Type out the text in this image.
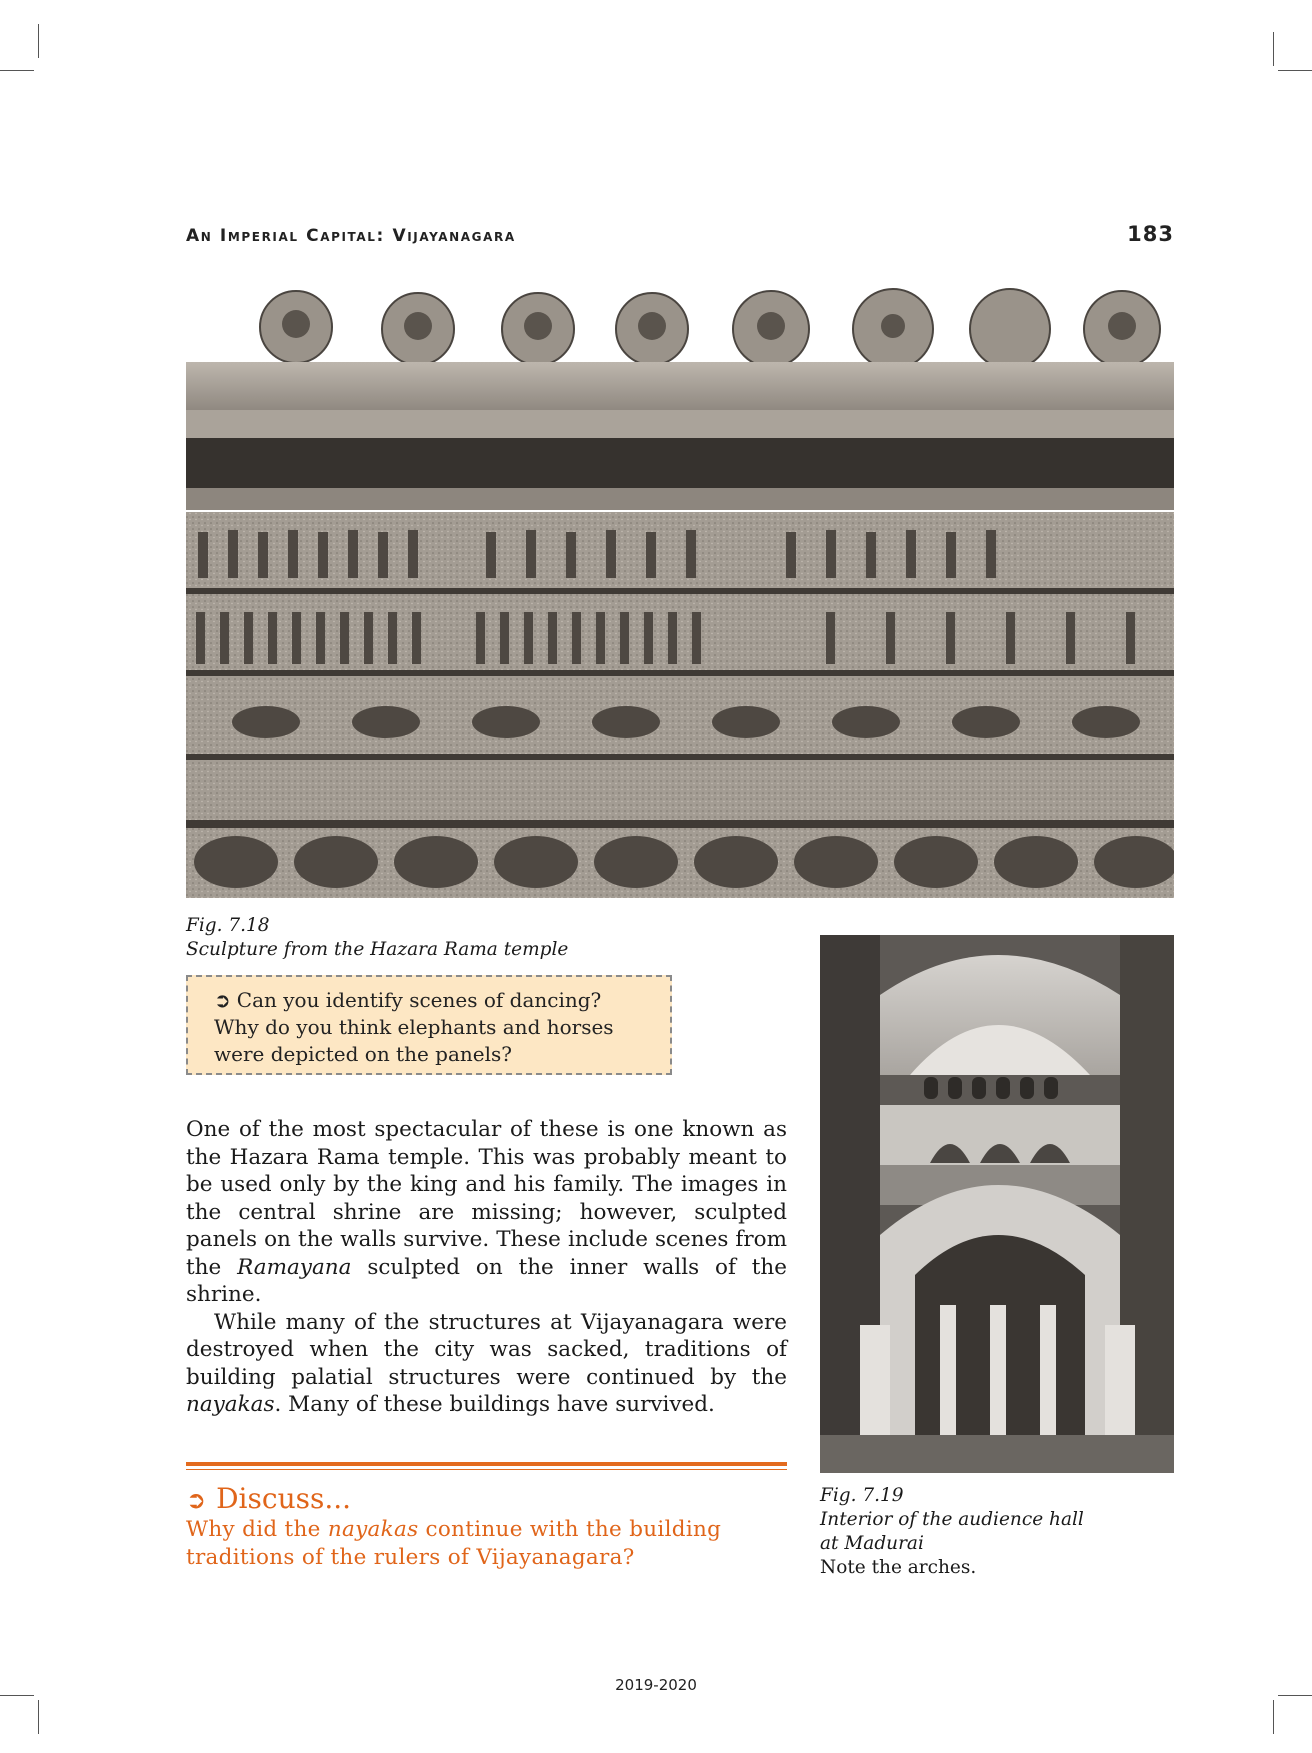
An Imperial Capital: Vijayanagara	183
Fig. 7.18
Sculpture from the Hazara Rama temple
➲ Can you identify scenes of dancing?
Why do you think elephants and horses
were depicted on the panels?

One of the most spectacular of these is one known as the Hazara Rama temple. This was probably meant to be used only by the king and his family. The images in the central shrine are missing; however, sculpted panels on the walls survive. These include scenes from the Ramayana sculpted on the inner walls of the shrine.

While many of the structures at Vijayanagara were destroyed when the city was sacked, traditions of building palatial structures were continued by the nayakas. Many of these buildings have survived.

➲ Discuss...
Why did the nayakas continue with the building traditions of the rulers of Vijayanagara?
Fig. 7.19
Interior of the audience hall
at Madurai
Note the arches.
2019-2020
